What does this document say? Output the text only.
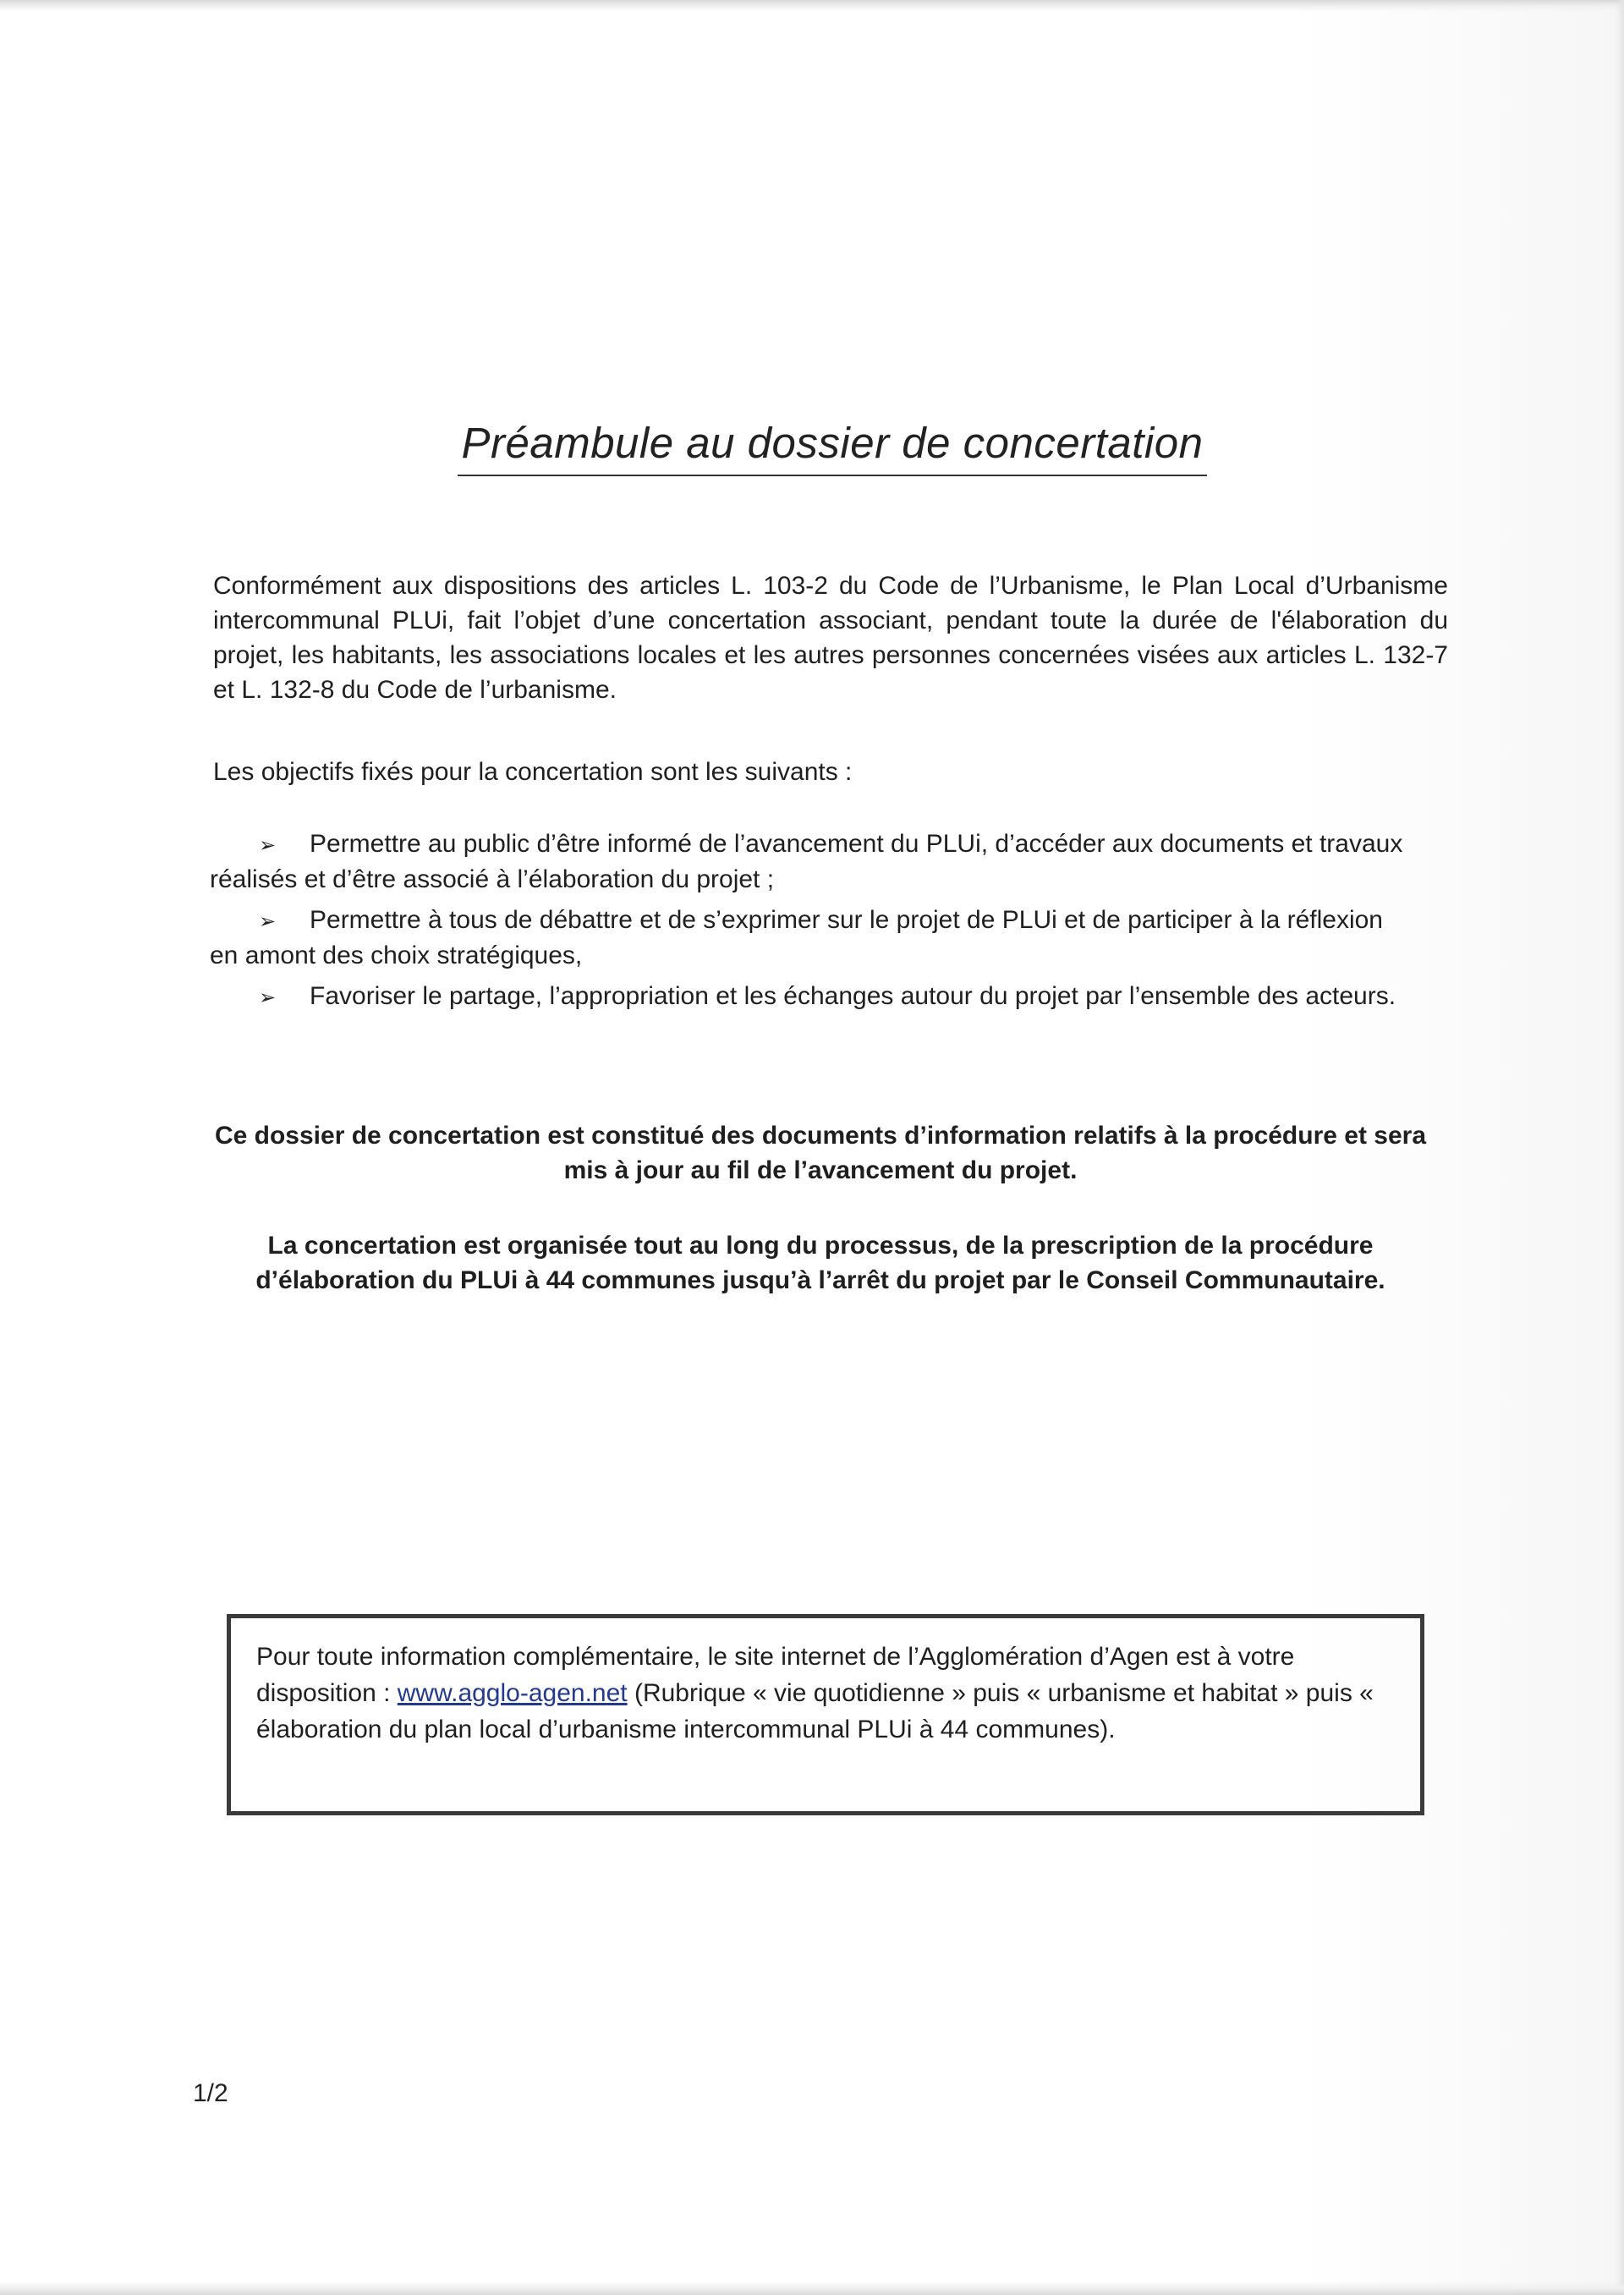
Préambule au dossier de concertation

Conformément aux dispositions des articles L. 103-2 du Code de l’Urbanisme, le Plan Local d’Urbanisme intercommunal PLUi, fait l’objet d’une concertation associant, pendant toute la durée de l'élaboration du projet, les habitants, les associations locales et les autres personnes concernées visées aux articles L. 132-7 et L. 132-8 du Code de l’urbanisme.

Les objectifs fixés pour la concertation sont les suivants :
➢ Permettre au public d’être informé de l’avancement du PLUi, d’accéder aux documents et travaux réalisés et d’être associé à l’élaboration du projet ;
➢ Permettre à tous de débattre et de s’exprimer sur le projet de PLUi et de participer à la réflexion en amont des choix stratégiques,
➢ Favoriser le partage, l’appropriation et les échanges autour du projet par l’ensemble des acteurs.
Ce dossier de concertation est constitué des documents d’information relatifs à la procédure et sera mis à jour au fil de l’avancement du projet.
La concertation est organisée tout au long du processus, de la prescription de la procédure d’élaboration du PLUi à 44 communes jusqu’à l’arrêt du projet par le Conseil Communautaire.
Pour toute information complémentaire, le site internet de l’Agglomération d’Agen est à votre disposition : www.agglo-agen.net (Rubrique « vie quotidienne » puis « urbanisme et habitat » puis « élaboration du plan local d’urbanisme intercommunal PLUi à 44 communes).
1/2
